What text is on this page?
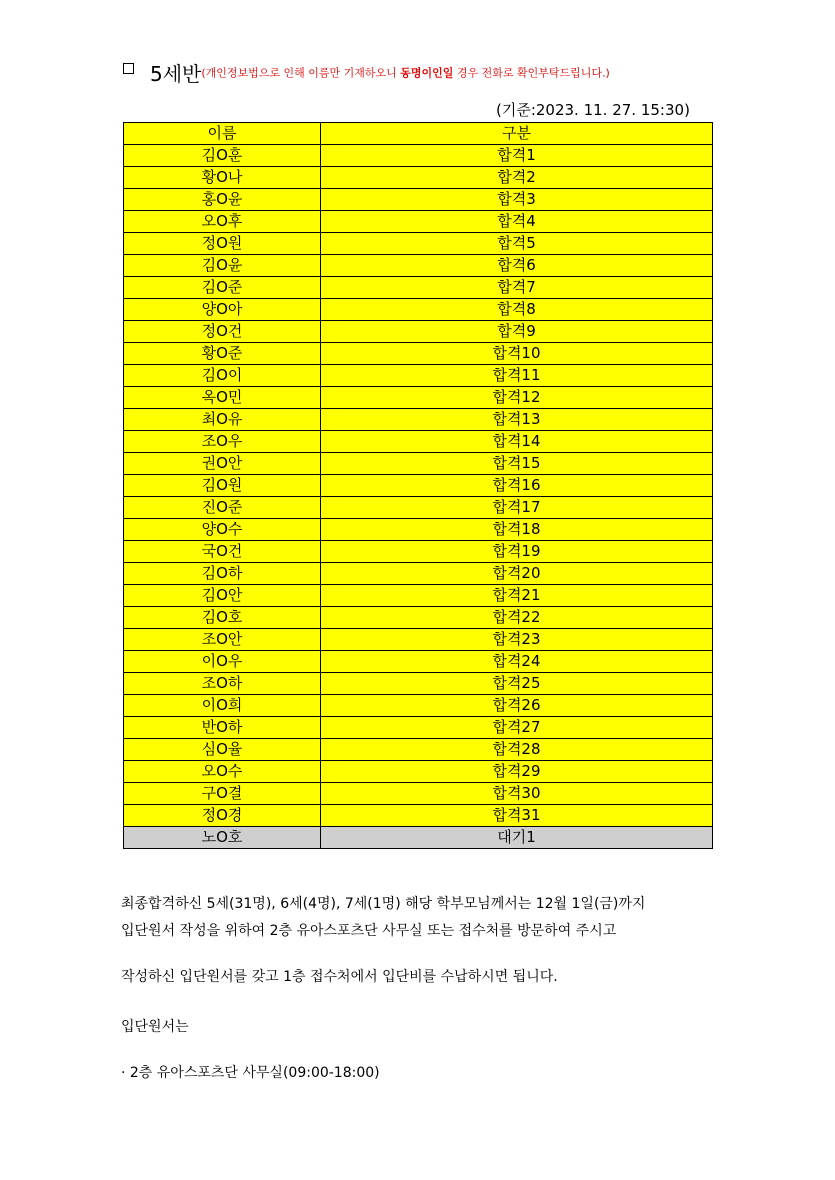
5세반(개인정보법으로 인해 이름만 기재하오니 동명이인일 경우 전화로 확인부탁드립니다.)
(기준:2023. 11. 27. 15:30)
이름	구분
김O훈	합격1
황O나	합격2
홍O윤	합격3
오O후	합격4
정O원	합격5
김O윤	합격6
김O준	합격7
양O아	합격8
정O건	합격9
황O준	합격10
김O이	합격11
옥O민	합격12
최O유	합격13
조O우	합격14
권O안	합격15
김O원	합격16
진O준	합격17
양O수	합격18
국O건	합격19
김O하	합격20
김O안	합격21
김O호	합격22
조O안	합격23
이O우	합격24
조O하	합격25
이O희	합격26
반O하	합격27
심O율	합격28
오O수	합격29
구O결	합격30
정O경	합격31
노O호	대기1
최종합격하신 5세(31명), 6세(4명), 7세(1명) 해당 학부모님께서는 12월 1일(금)까지
입단원서 작성을 위하여 2층 유아스포츠단 사무실 또는 접수처를 방문하여 주시고
작성하신 입단원서를 갖고 1층 접수처에서 입단비를 수납하시면 됩니다.
입단원서는
· 2층 유아스포츠단 사무실(09:00-18:00)
